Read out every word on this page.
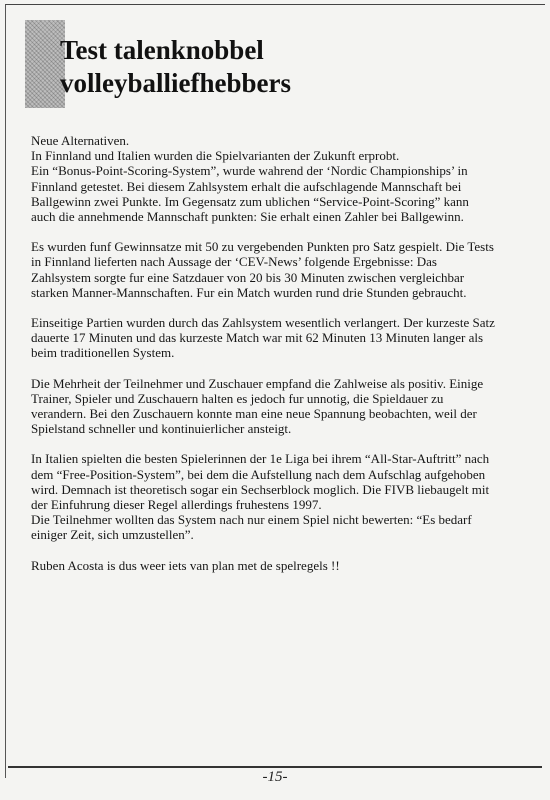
Test talenknobbel
volleyballiefhebbers

Neue Alternativen.
In Finnland und Italien wurden die Spielvarianten der Zukunft erprobt.
Ein “Bonus-Point-Scoring-System”, wurde wahrend der ‘Nordic Championships’ in
Finnland getestet. Bei diesem Zahlsystem erhalt die aufschlagende Mannschaft bei
Ballgewinn zwei Punkte. Im Gegensatz zum ublichen “Service-Point-Scoring” kann
auch die annehmende Mannschaft punkten: Sie erhalt einen Zahler bei Ballgewinn.

Es wurden funf Gewinnsatze mit 50 zu vergebenden Punkten pro Satz gespielt. Die Tests
in Finnland lieferten nach Aussage der ‘CEV-News’ folgende Ergebnisse: Das
Zahlsystem sorgte fur eine Satzdauer von 20 bis 30 Minuten zwischen vergleichbar
starken Manner-Mannschaften. Fur ein Match wurden rund drie Stunden gebraucht.

Einseitige Partien wurden durch das Zahlsystem wesentlich verlangert. Der kurzeste Satz
dauerte 17 Minuten und das kurzeste Match war mit 62 Minuten 13 Minuten langer als
beim traditionellen System.

Die Mehrheit der Teilnehmer und Zuschauer empfand die Zahlweise als positiv. Einige
Trainer, Spieler und Zuschauern halten es jedoch fur unnotig, die Spieldauer zu
verandern. Bei den Zuschauern konnte man eine neue Spannung beobachten, weil der
Spielstand schneller und kontinuierlicher ansteigt.

In Italien spielten die besten Spielerinnen der 1e Liga bei ihrem “All-Star-Auftritt” nach
dem “Free-Position-System”, bei dem die Aufstellung nach dem Aufschlag aufgehoben
wird. Demnach ist theoretisch sogar ein Sechserblock moglich. Die FIVB liebaugelt mit
der Einfuhrung dieser Regel allerdings fruhestens 1997.
Die Teilnehmer wollten das System nach nur einem Spiel nicht bewerten: “Es bedarf
einiger Zeit, sich umzustellen”.

Ruben Acosta is dus weer iets van plan met de spelregels !!

-15-
